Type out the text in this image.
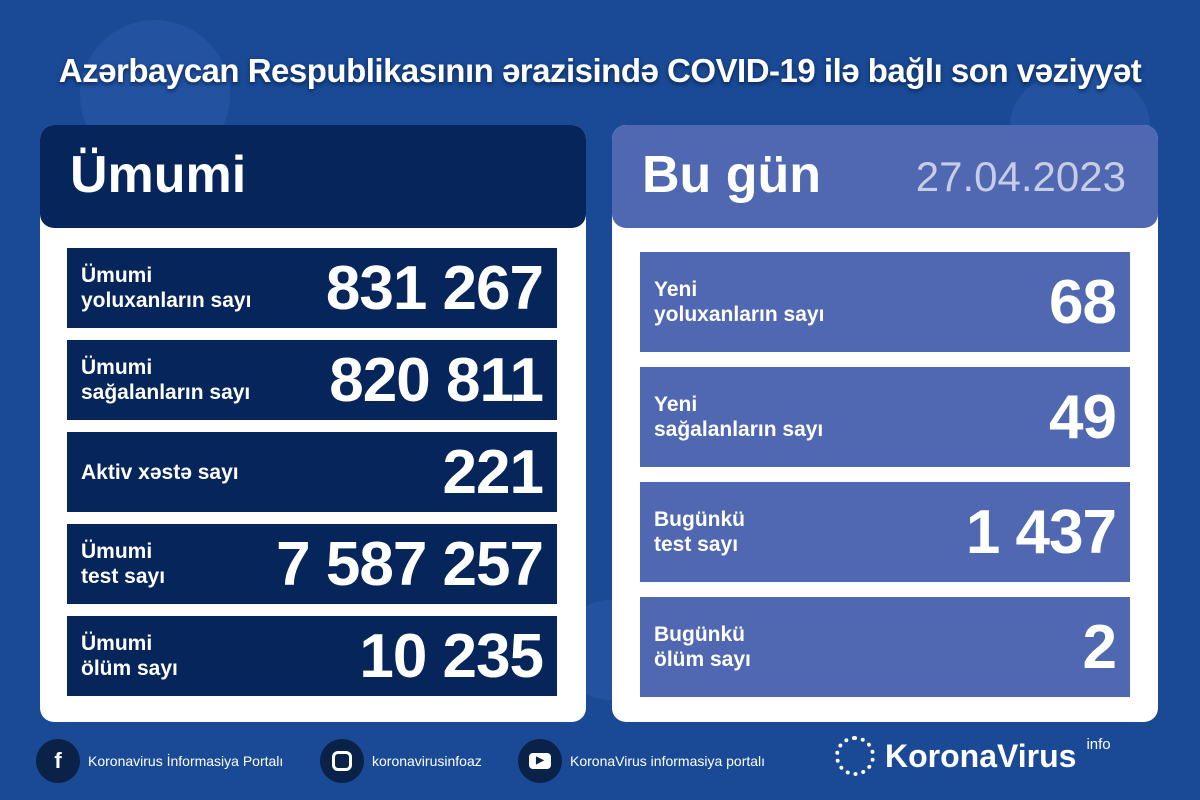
Azərbaycan Respublikasının ərazisində COVID-19 ilə bağlı son vəziyyət
Ümumi
Ümumi
yoluxanların sayı 831 267
Ümumi
sağalanların sayı 820 811
Aktiv xəstə sayı	221
Ümumi
test sayı 7 587 257
Ümumi
ölüm sayı	10 235
Bu gün 27.04.2023
Yeni
yoluxanların sayı	68
Yeni
sağalanların sayı	49
Bugünkü
test sayı	1 437
Bugünkü
ölüm sayı	2
f	Koronavirus İnformasiya Portalı	koronavirusinfoaz	▶	KoronaVirus informasiya portalı	KoronaVirus info
